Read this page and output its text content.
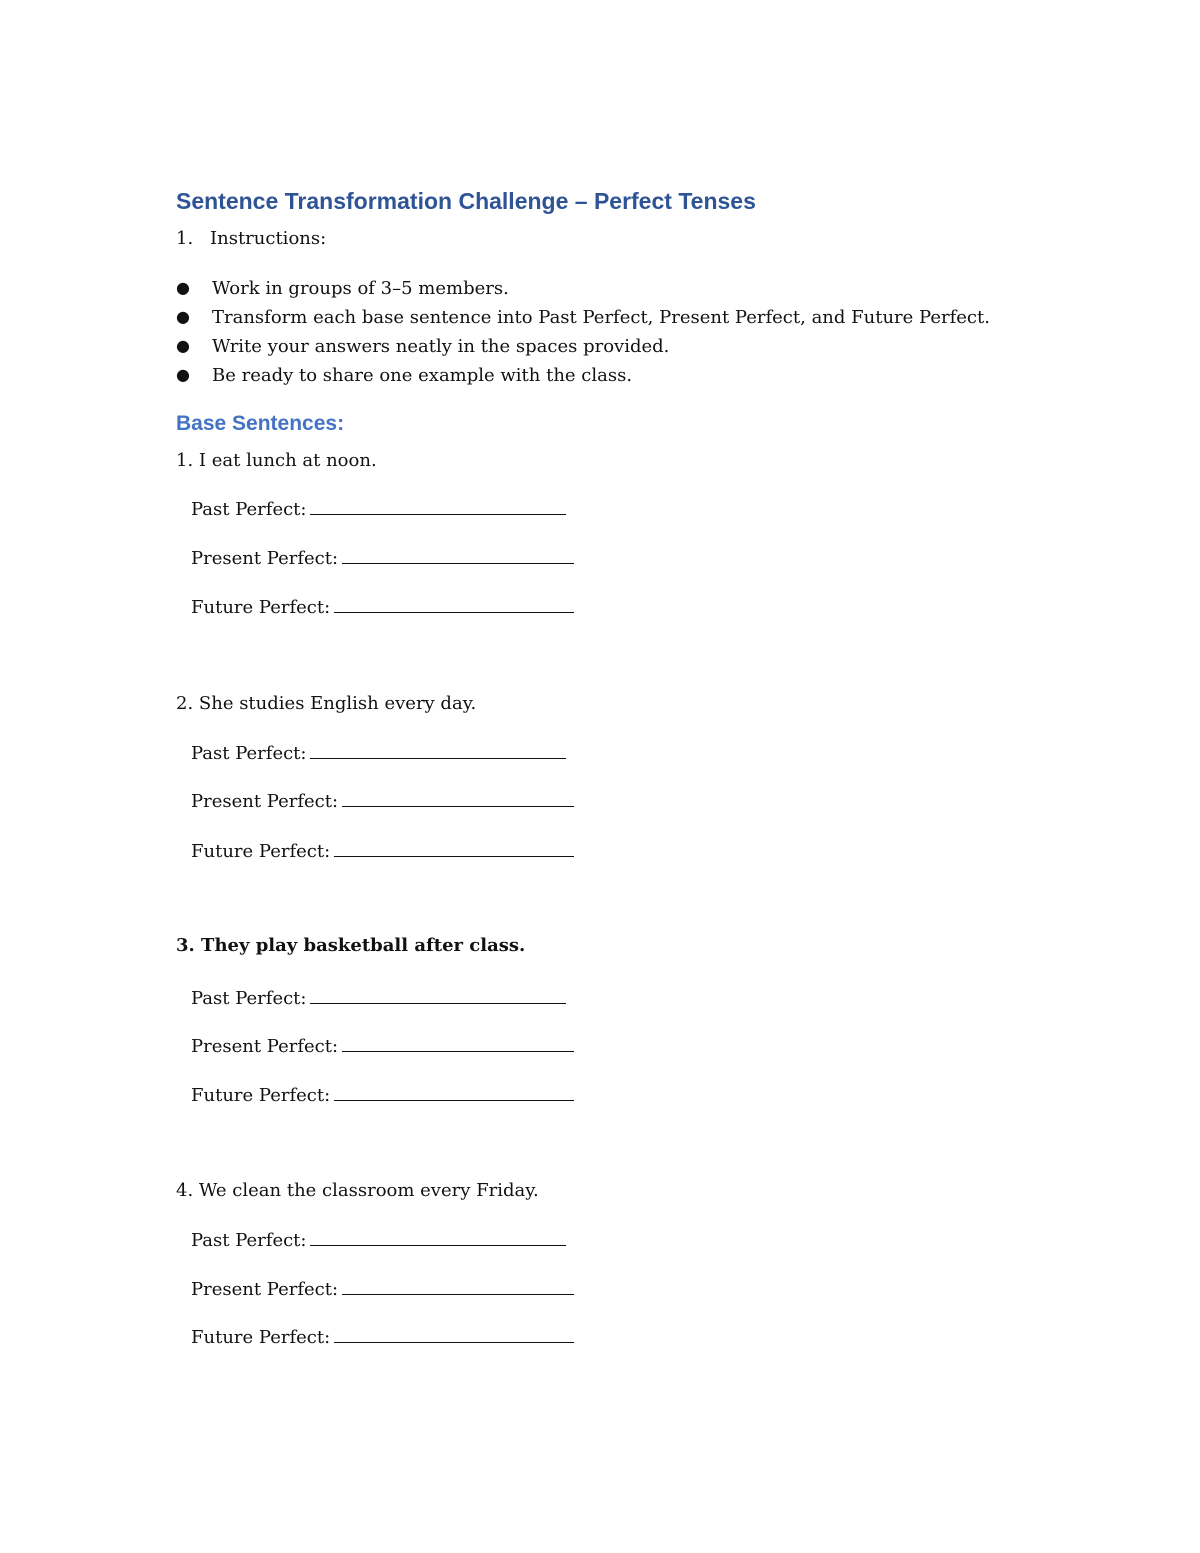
Sentence Transformation Challenge – Perfect Tenses
1. Instructions:
● Work in groups of 3–5 members.
● Transform each base sentence into Past Perfect, Present Perfect, and Future Perfect.
● Write your answers neatly in the spaces provided.
● Be ready to share one example with the class.
Base Sentences:
1. I eat lunch at noon.
Past Perfect:
Present Perfect:
Future Perfect:
2. She studies English every day.
Past Perfect:
Present Perfect:
Future Perfect:
3. They play basketball after class.
Past Perfect:
Present Perfect:
Future Perfect:
4. We clean the classroom every Friday.
Past Perfect:
Present Perfect:
Future Perfect:
